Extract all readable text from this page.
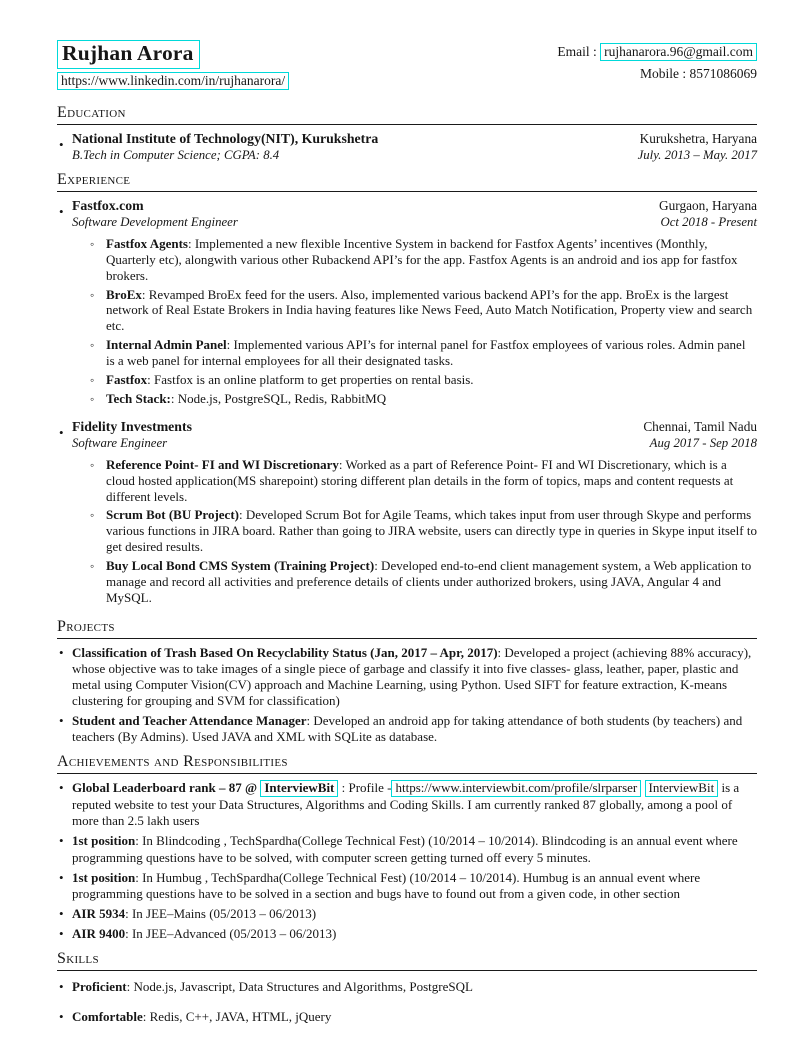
Rujhan Arora
https://www.linkedin.com/in/rujhanarora/
Email : rujhanarora.96@gmail.com
Mobile : 8571086069
Education
• National Institute of Technology(NIT), Kurukshetra	Kurukshetra, Haryana
B.Tech in Computer Science; CGPA: 8.4	July. 2013 – May. 2017
Experience
• Fastfox.com	Gurgaon, Haryana
Software Development Engineer	Oct 2018 - Present
◦ Fastfox Agents: Implemented a new flexible Incentive System in backend for Fastfox Agents’ incentives (Monthly, Quarterly etc), alongwith various other Rubackend API’s for the app. Fastfox Agents is an android and ios app for fastfox brokers.
◦ BroEx: Revamped BroEx feed for the users. Also, implemented various backend API’s for the app. BroEx is the largest network of Real Estate Brokers in India having features like News Feed, Auto Match Notification, Property view and search etc.
◦ Internal Admin Panel: Implemented various API’s for internal panel for Fastfox employees of various roles. Admin panel is a web panel for internal employees for all their designated tasks.
◦ Fastfox: Fastfox is an online platform to get properties on rental basis.
◦ Tech Stack:: Node.js, PostgreSQL, Redis, RabbitMQ
• Fidelity Investments	Chennai, Tamil Nadu
Software Engineer	Aug 2017 - Sep 2018
◦ Reference Point- FI and WI Discretionary: Worked as a part of Reference Point- FI and WI Discretionary, which is a cloud hosted application(MS sharepoint) storing different plan details in the form of topics, maps and content requests at different levels.
◦ Scrum Bot (BU Project): Developed Scrum Bot for Agile Teams, which takes input from user through Skype and performs various functions in JIRA board. Rather than going to JIRA website, users can directly type in queries in Skype input itself to get desired results.
◦ Buy Local Bond CMS System (Training Project): Developed end-to-end client management system, a Web application to manage and record all activities and preference details of clients under authorized brokers, using JAVA, Angular 4 and MySQL.
Projects
• Classification of Trash Based On Recyclability Status (Jan, 2017 – Apr, 2017): Developed a project (achieving 88% accuracy), whose objective was to take images of a single piece of garbage and classify it into five classes- glass, leather, paper, plastic and metal using Computer Vision(CV) approach and Machine Learning, using Python. Used SIFT for feature extraction, K-means clustering for grouping and SVM for classification)
• Student and Teacher Attendance Manager: Developed an android app for taking attendance of both students (by teachers) and teachers (By Admins). Used JAVA and XML with SQLite as database.
Achievements and Responsibilities
• Global Leaderboard rank – 87 @ InterviewBit : Profile - https://www.interviewbit.com/profile/slrparser InterviewBit is a reputed website to test your Data Structures, Algorithms and Coding Skills. I am currently ranked 87 globally, among a pool of more than 2.5 lakh users
• 1st position: In Blindcoding , TechSpardha(College Technical Fest) (10/2014 – 10/2014). Blindcoding is an annual event where programming questions have to be solved, with computer screen getting turned off every 5 minutes.
• 1st position: In Humbug , TechSpardha(College Technical Fest) (10/2014 – 10/2014). Humbug is an annual event where programming questions have to be solved in a section and bugs have to found out from a given code, in other section
• AIR 5934: In JEE–Mains (05/2013 – 06/2013)
• AIR 9400: In JEE–Advanced (05/2013 – 06/2013)
Skills
• Proficient: Node.js, Javascript, Data Structures and Algorithms, PostgreSQL
• Comfortable: Redis, C++, JAVA, HTML, jQuery
